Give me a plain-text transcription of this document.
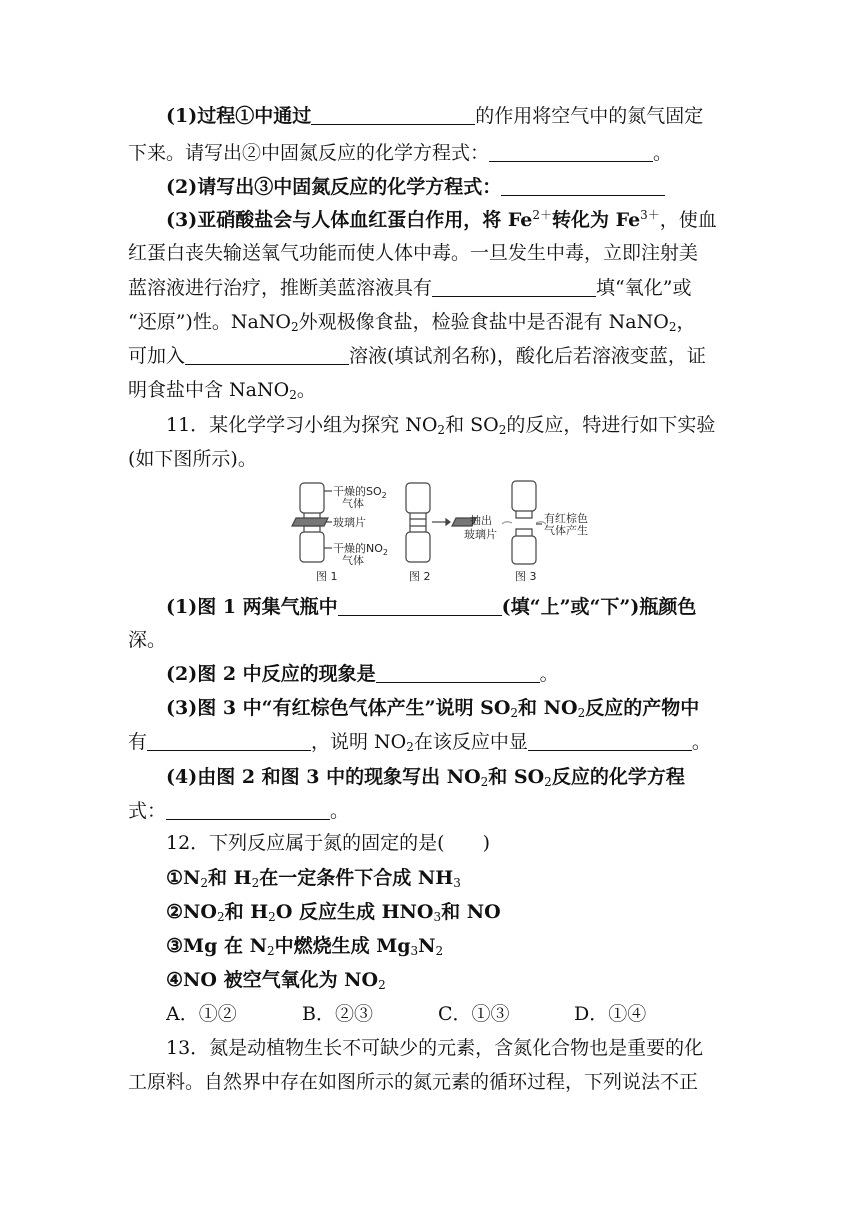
(1)过程①中通过	的作用将空气中的氮气固定
下来。请写出②中固氮反应的化学方程式：	。
(2)请写出③中固氮反应的化学方程式：
(3)亚硝酸盐会与人体血红蛋白作用，将 $Fe^{2+}$转化为 $Fe^{3+}$，使血
红蛋白丧失输送氧气功能而使人体中毒。一旦发生中毒，立即注射美
蓝溶液进行治疗，推断美蓝溶液具有	填“氧化”或
“还原”)性。NaNO$_2$外观极像食盐，检验食盐中是否混有 NaNO$_2$，
可加入	溶液(填试剂名称)，酸化后若溶液变蓝，证
明食盐中含 NaNO$_2$。
11．某化学学习小组为探究 $NO_2$和 $SO_2$的反应，特进行如下实验
(如下图所示)。
干燥的$SO_2$
气体
玻璃片
干燥的$NO_2$
气体
抽出
玻璃片
有红棕色
气体产生
图 1	图 2	图 3
(1)图 1 两集气瓶中	(填“上”或“下”)瓶颜色
深。
(2)图 2 中反应的现象是	。
(3)图 3 中“有红棕色气体产生”说明 $SO_2$和 $NO_2$反应的产物中
有	，说明 $NO_2$在该反应中显	。
(4)由图 2 和图 3 中的现象写出 $NO_2$和 $SO_2$反应的化学方程
式：	。
12．下列反应属于氮的固定的是(　　)
$①N_2$和 $H_2$在一定条件下合成 $NH_3$
$②NO_2$和 $H_2O$ 反应生成 $HNO_3$和 NO
③Mg 在 $N_2$中燃烧生成 $Mg_3N_2$
④NO 被空气氧化为 $NO_2$
A．①②	B．②③	C．①③	D．①④
13．氮是动植物生长不可缺少的元素，含氮化合物也是重要的化
工原料。自然界中存在如图所示的氮元素的循环过程，下列说法不正
